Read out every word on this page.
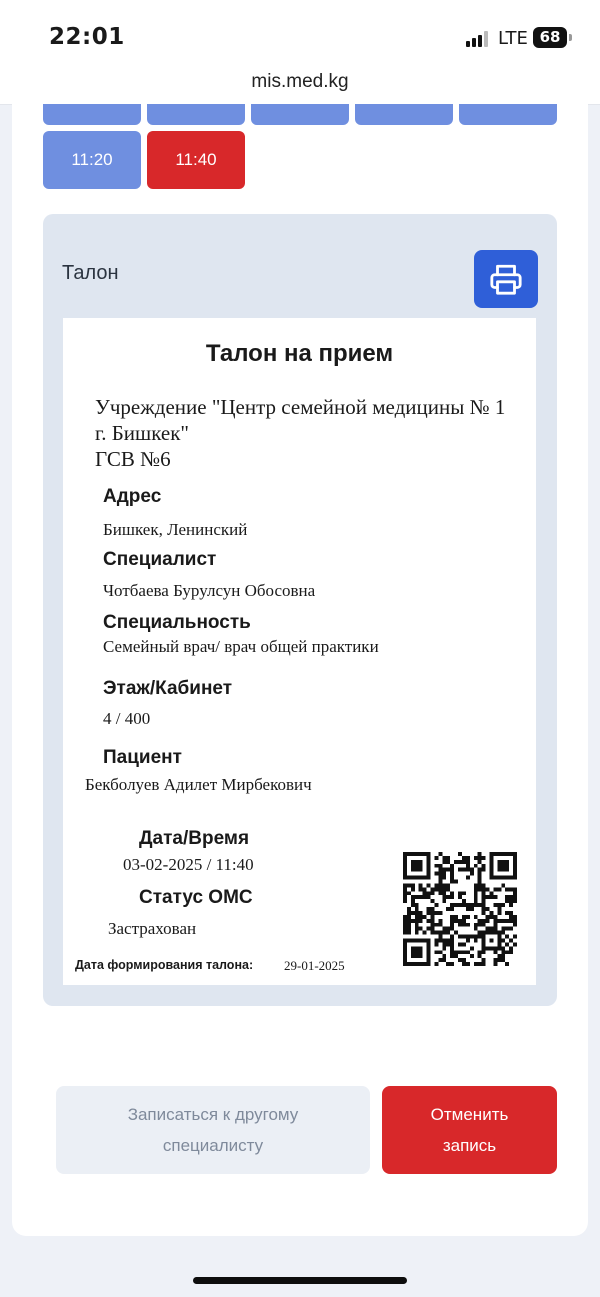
22:01	LTE 68
mis.med.kg
11:20	11:40
Талон
Талон на прием
Учреждение "Центр семейной медицины № 1
г. Бишкек"
ГСВ №6
Адрес
Бишкек, Ленинский
Специалист
Чотбаева Бурулсун Обосовна
Специальность
Семейный врач/ врач общей практики
Этаж/Кабинет
4 / 400
Пациент
Бекболуев Адилет Мирбекович
Дата/Время
03-02-2025 / 11:40
Статус ОМС
Застрахован
Дата формирования талона: 29-01-2025
Записаться к другому
специалисту
Отменить
запись
